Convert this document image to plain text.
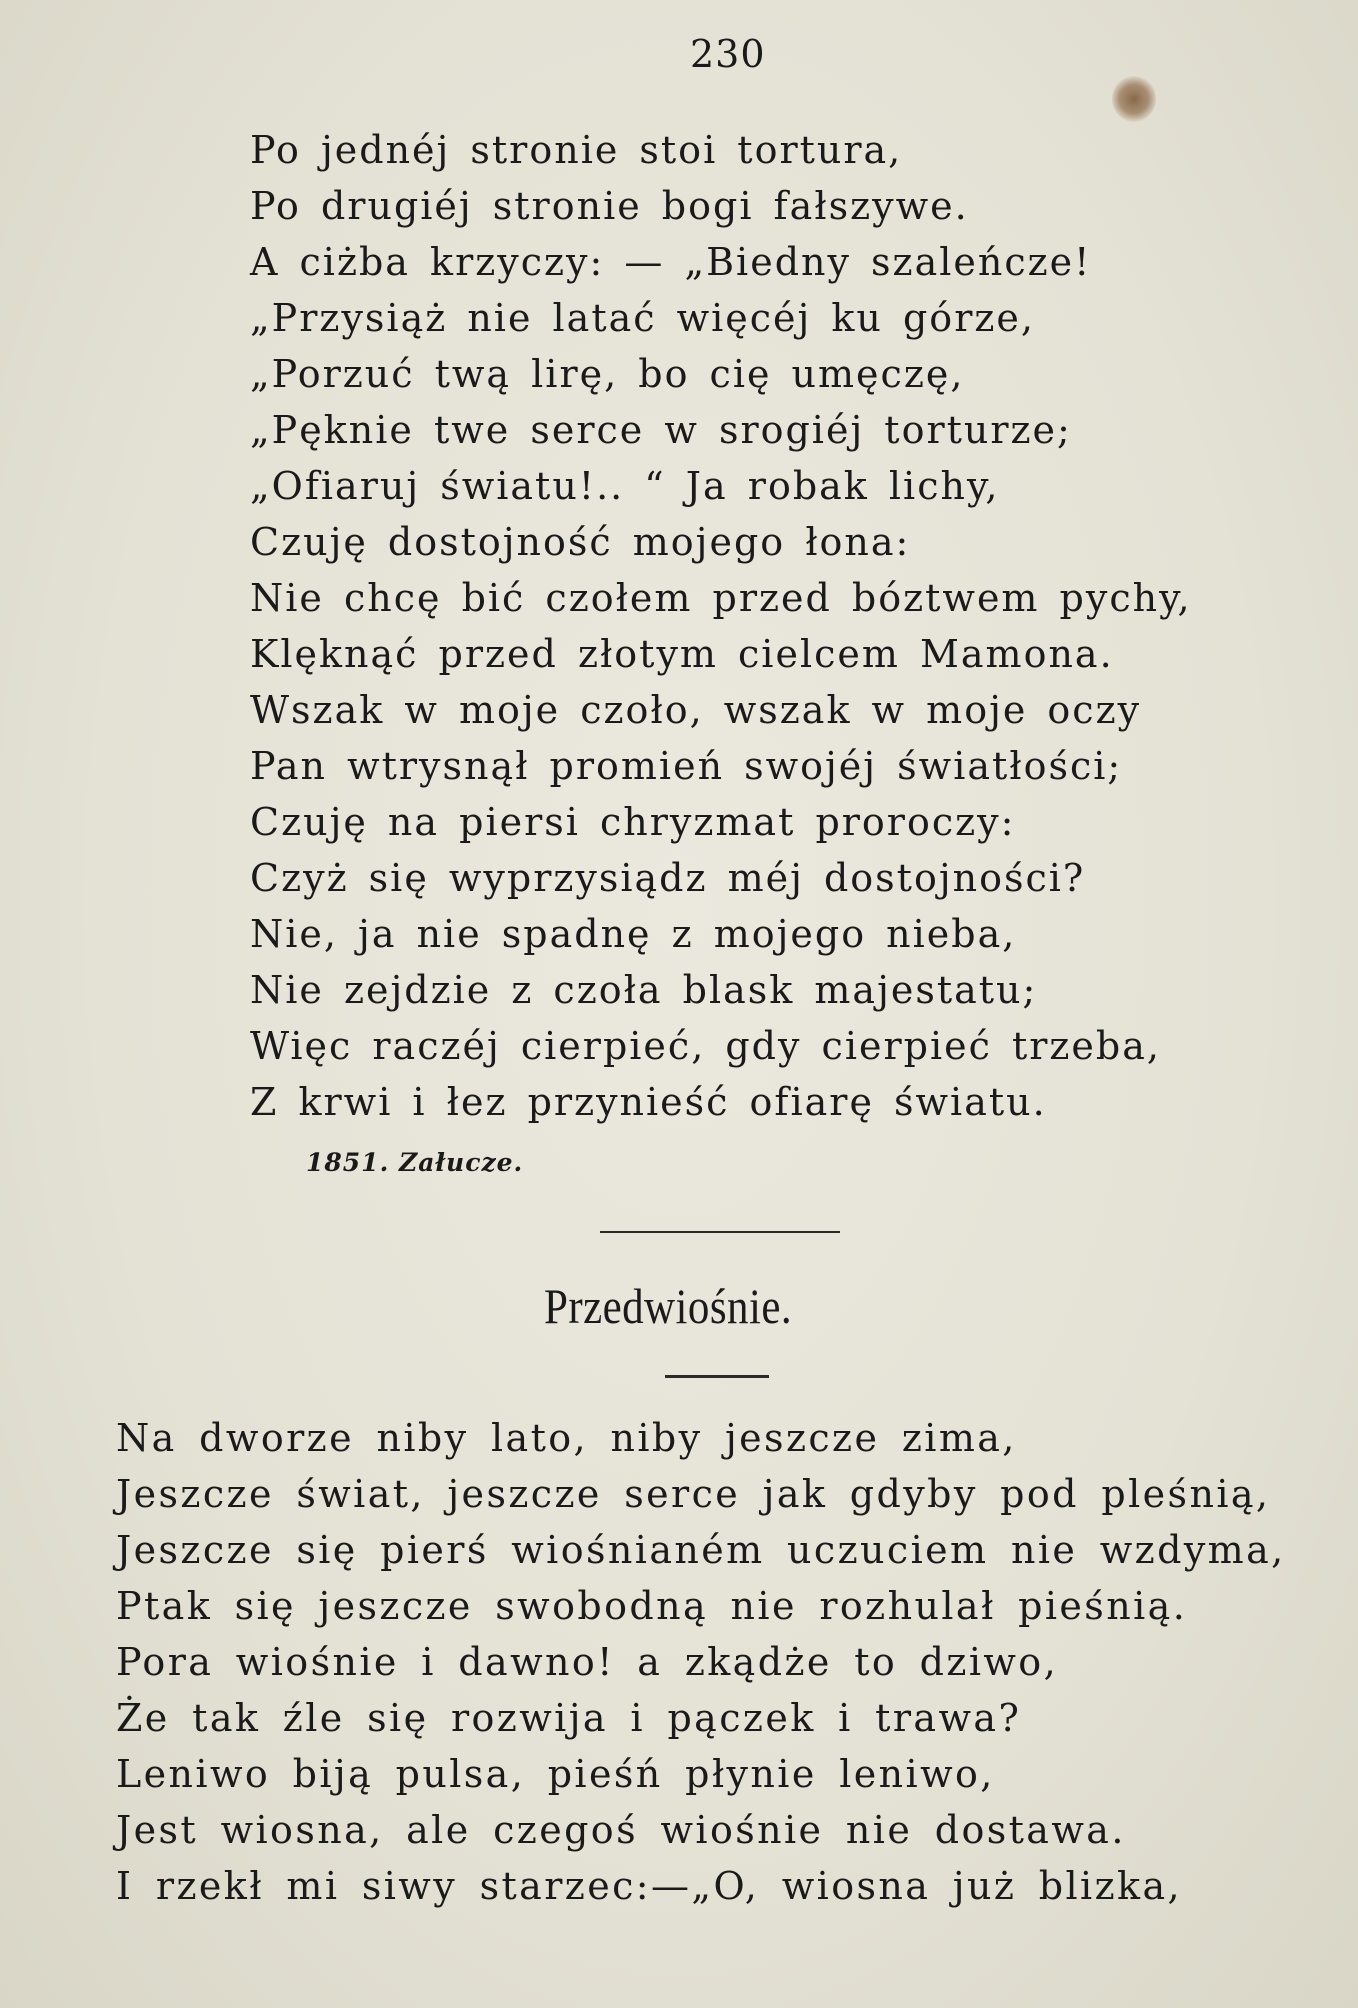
230
Po jednéj stronie stoi tortura,
Po drugiéj stronie bogi fałszywe.
A ciżba krzyczy: — „Biedny szaleńcze!
„Przysiąż nie latać więcéj ku górze,
„Porzuć twą lirę, bo cię umęczę,
„Pęknie twe serce w srogiéj torturze;
„Ofiaruj światu!.. “ Ja robak lichy,
Czuję dostojność mojego łona:
Nie chcę bić czołem przed bóztwem pychy,
Klęknąć przed złotym cielcem Mamona.
Wszak w moje czoło, wszak w moje oczy
Pan wtrysnął promień swojéj światłości;
Czuję na piersi chryzmat proroczy:
Czyż się wyprzysiądz méj dostojności?
Nie, ja nie spadnę z mojego nieba,
Nie zejdzie z czoła blask majestatu;
Więc raczéj cierpieć, gdy cierpieć trzeba,
Z krwi i łez przynieść ofiarę światu.
1851. Załucze.
Przedwiośnie.
Na dworze niby lato, niby jeszcze zima,
Jeszcze świat, jeszcze serce jak gdyby pod pleśnią,
Jeszcze się pierś wiośnianém uczuciem nie wzdyma,
Ptak się jeszcze swobodną nie rozhulał pieśnią.
Pora wiośnie i dawno! a zkądże to dziwo,
Że tak źle się rozwija i pączek i trawa?
Leniwo biją pulsa, pieśń płynie leniwo,
Jest wiosna, ale czegoś wiośnie nie dostawa.
I rzekł mi siwy starzec:—„O, wiosna już blizka,
